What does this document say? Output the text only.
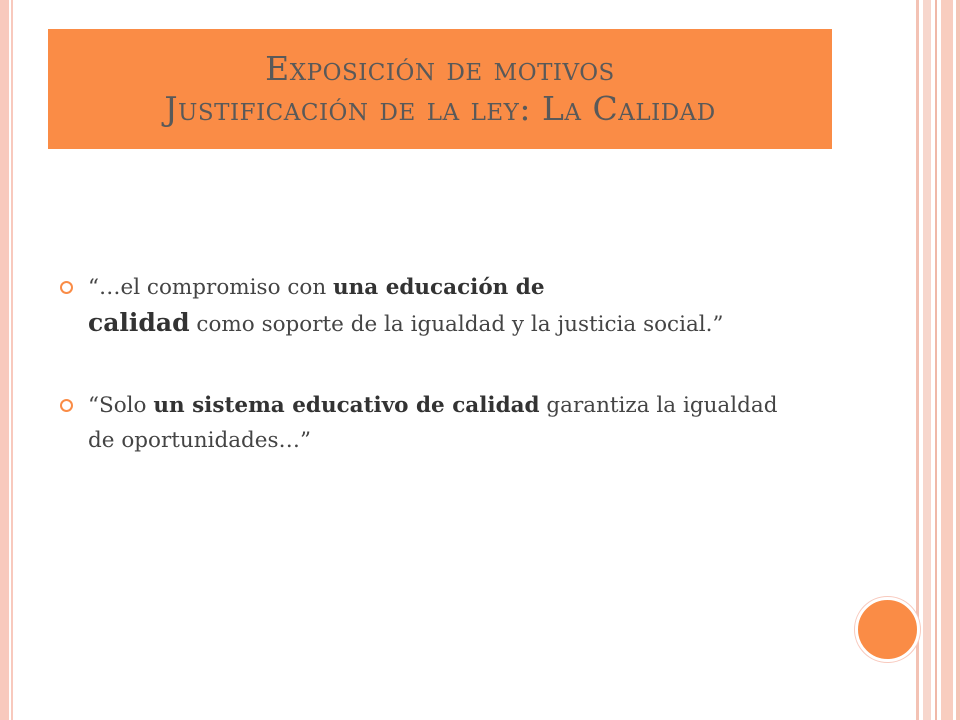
Exposición de motivos
Justificación de la ley: La Calidad
“…el compromiso con una educación de
calidad como soporte de la igualdad y la justicia social.”
“Solo un sistema educativo de calidad garantiza la igualdad de oportunidades…”
